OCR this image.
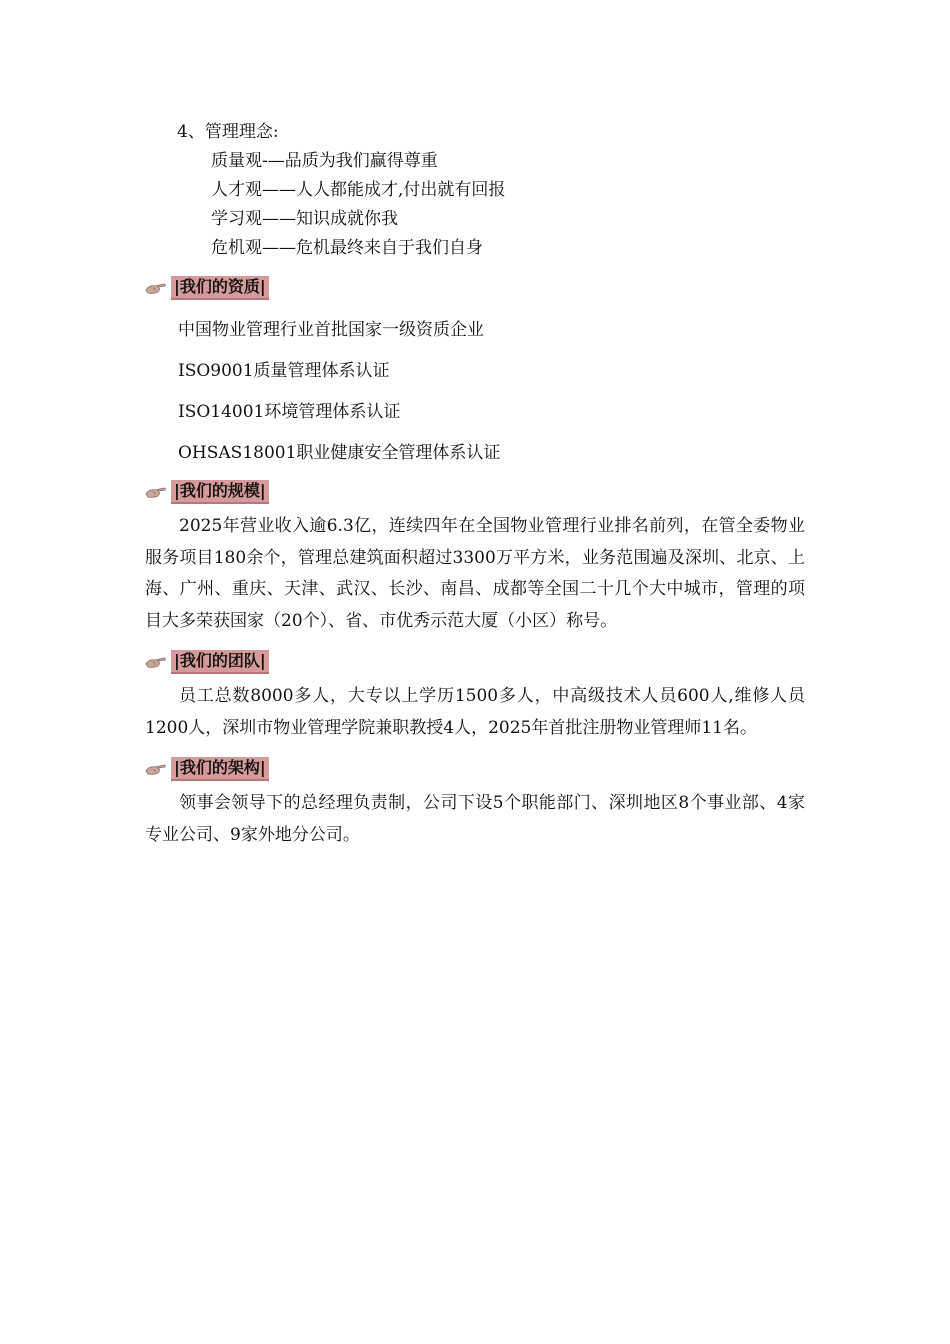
4、管理理念:
质量观-—品质为我们赢得尊重
人才观——人人都能成才,付出就有回报
学习观——知识成就你我
危机观——危机最终来自于我们自身
|我们的资质|
中国物业管理行业首批国家一级资质企业
ISO9001质量管理体系认证
ISO14001环境管理体系认证
OHSAS18001职业健康安全管理体系认证
|我们的规模|

2025年营业收入逾6.3亿，连续四年在全国物业管理行业排名前列，在管全委物业服务项目180余个，管理总建筑面积超过3300万平方米，业务范围遍及深圳、北京、上海、广州、重庆、天津、武汉、长沙、南昌、成都等全国二十几个大中城市，管理的项目大多荣获国家（20个）、省、市优秀示范大厦（小区）称号。

|我们的团队|

员工总数8000多人，大专以上学历1500多人，中高级技术人员600人,维修人员1200人，深圳市物业管理学院兼职教授4人，2025年首批注册物业管理师11名。

|我们的架构|

领事会领导下的总经理负责制，公司下设5个职能部门、深圳地区8个事业部、4家专业公司、9家外地分公司。
